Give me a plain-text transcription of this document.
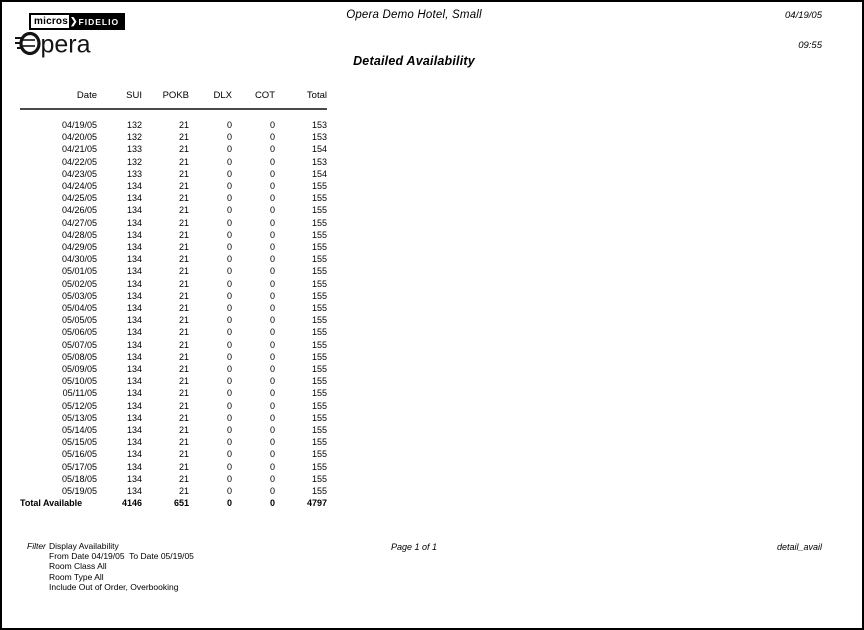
micros ❯ FIDELIO
pera
Opera Demo Hotel, Small	04/19/05
09:55
Detailed Availability
Date	SUI	POKB	DLX	COT	Total
04/19/05	132	21	0	0	153
04/20/05	132	21	0	0	153
04/21/05	133	21	0	0	154
04/22/05	132	21	0	0	153
04/23/05	133	21	0	0	154
04/24/05	134	21	0	0	155
04/25/05	134	21	0	0	155
04/26/05	134	21	0	0	155
04/27/05	134	21	0	0	155
04/28/05	134	21	0	0	155
04/29/05	134	21	0	0	155
04/30/05	134	21	0	0	155
05/01/05	134	21	0	0	155
05/02/05	134	21	0	0	155
05/03/05	134	21	0	0	155
05/04/05	134	21	0	0	155
05/05/05	134	21	0	0	155
05/06/05	134	21	0	0	155
05/07/05	134	21	0	0	155
05/08/05	134	21	0	0	155
05/09/05	134	21	0	0	155
05/10/05	134	21	0	0	155
05/11/05	134	21	0	0	155
05/12/05	134	21	0	0	155
05/13/05	134	21	0	0	155
05/14/05	134	21	0	0	155
05/15/05	134	21	0	0	155
05/16/05	134	21	0	0	155
05/17/05	134	21	0	0	155
05/18/05	134	21	0	0	155
05/19/05	134	21	0	0	155
Total Available	4146	651	0	0	4797
Filter Display Availability
From Date 04/19/05  To Date 05/19/05
Room Class All
Room Type All
Include Out of Order, Overbooking
Page 1 of 1	detail_avail
